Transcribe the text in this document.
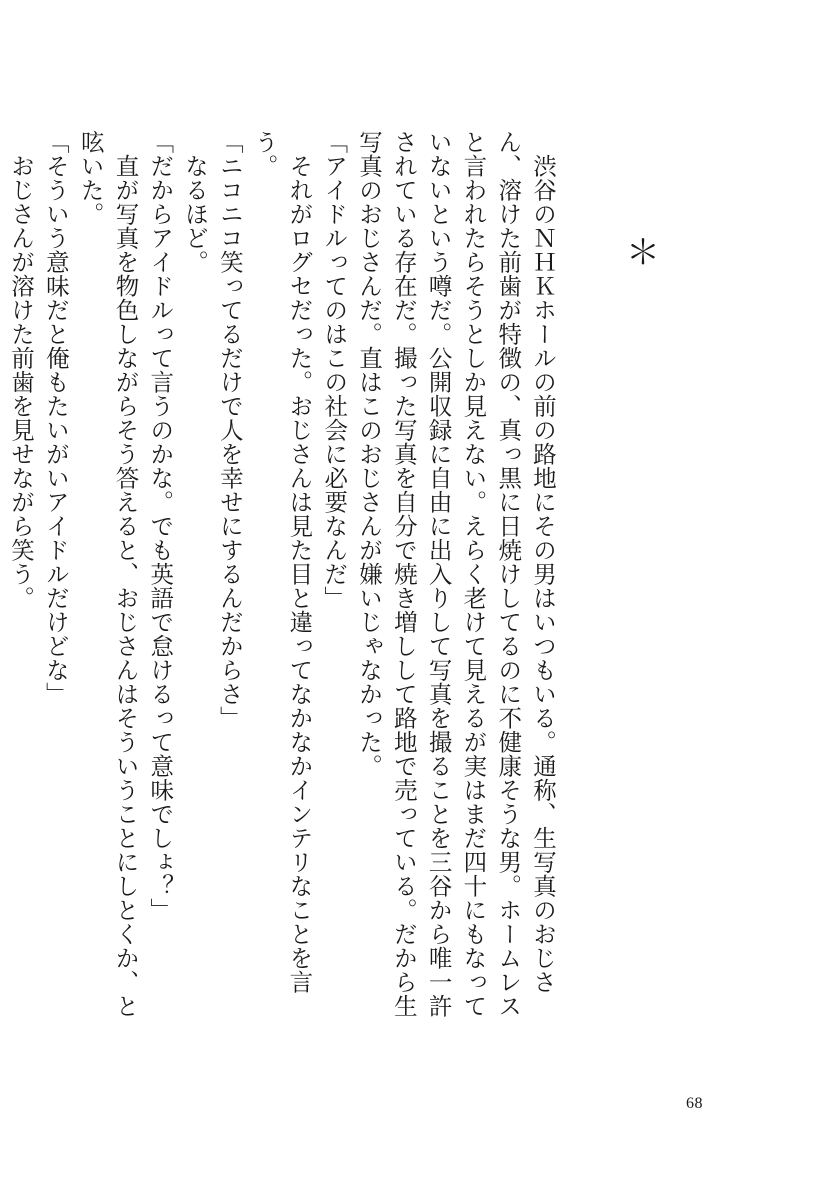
＊

渋谷のＮＨＫホールの前の路地にその男はいつもいる。通称、生写真のおじさん、溶けた前歯が特徴の、真っ黒に日焼けしてるのに不健康そうな男。ホームレスと言われたらそうとしか見えない。えらく老けて見えるが実はまだ四十にもなっていないという噂だ。公開収録に自由に出入りして写真を撮ることを三谷から唯一許されている存在だ。撮った写真を自分で焼き増しして路地で売っている。だから生写真のおじさんだ。直はこのおじさんが嫌いじゃなかった。

「アイドルってのはこの社会に必要なんだ」

それがログセだった。おじさんは見た目と違ってなかなかインテリなことを言う。

「ニコニコ笑ってるだけで人を幸せにするんだからさ」

なるほど。

「だからアイドルって言うのかな。でも英語で怠けるって意味でしょ？」

直が写真を物色しながらそう答えると、おじさんはそういうことにしとくか、と呟いた。

「そういう意味だと俺もたいがいアイドルだけどな」

おじさんが溶けた前歯を見せながら笑う。

68
